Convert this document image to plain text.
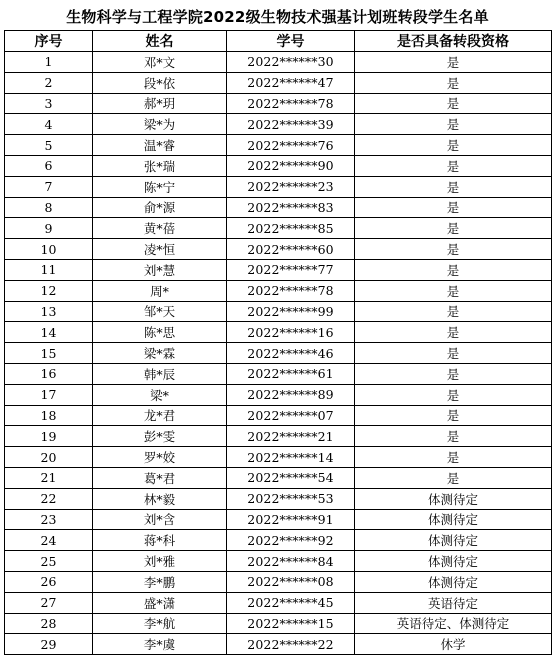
生物科学与工程学院2022级生物技术强基计划班转段学生名单
序号	姓名	学号	是否具备转段资格
1	邓*文	2022******30	是
2	段*依	2022******47	是
3	郝*玥	2022******78	是
4	梁*为	2022******39	是
5	温*睿	2022******76	是
6	张*瑞	2022******90	是
7	陈*宁	2022******23	是
8	俞*源	2022******83	是
9	黄*蓓	2022******85	是
10	凌*恒	2022******60	是
11	刘*慧	2022******77	是
12	周*	2022******78	是
13	邹*天	2022******99	是
14	陈*思	2022******16	是
15	梁*霖	2022******46	是
16	韩*辰	2022******61	是
17	梁*	2022******89	是
18	龙*君	2022******07	是
19	彭*雯	2022******21	是
20	罗*姣	2022******14	是
21	葛*君	2022******54	是
22	林*毅	2022******53	体测待定
23	刘*含	2022******91	体测待定
24	蒋*科	2022******92	体测待定
25	刘*雅	2022******84	体测待定
26	李*鹏	2022******08	体测待定
27	盛*潇	2022******45	英语待定
28	李*航	2022******15	英语待定、体测待定
29	李*虞	2022******22	休学
